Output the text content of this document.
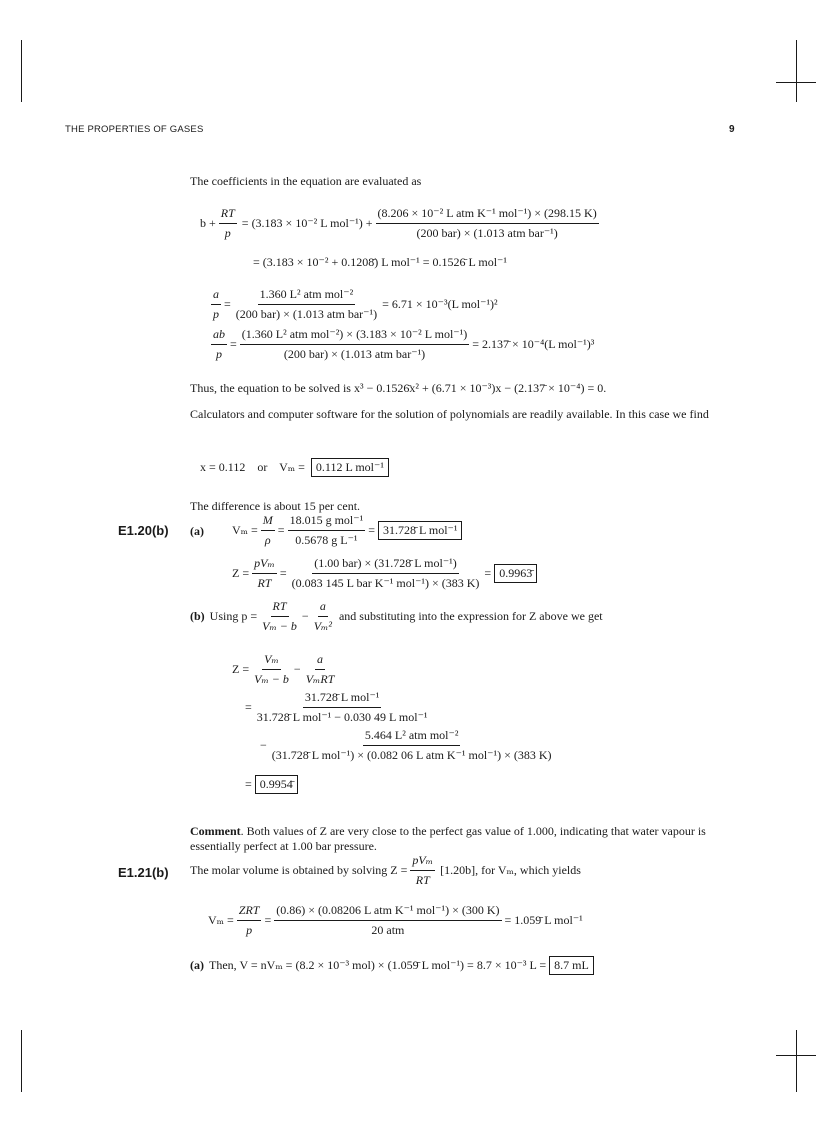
THE PROPERTIES OF GASES	9
The coefficients in the equation are evaluated as
$b + \frac{RT}{p} = (3.183 \times 10^{-2}$ L $mol^{-1}) + \frac{\text{(8.206 × 10⁻² L atm K⁻¹ mol⁻¹) × (298.15 K)}}{\text{(200 bar) × (1.013 atm bar⁻¹)}}$
= (3.183 × 10⁻² + 0.1208̄) L mol⁻¹ = 0.1526̄ L mol⁻¹
$\frac{a}{p} = \frac{\text{1.360 L² atm mol⁻²}}{\text{(200 bar) × (1.013 atm bar⁻¹)}} = 6.71 \times 10^{-3}(L$ mol⁻¹)²
$\frac{ab}{p} = \frac{\text{(1.360 L² atm mol⁻²) × (3.183 × 10⁻² L mol⁻¹)}}{\text{(200 bar) × (1.013 atm bar⁻¹)}}$ = 2.137̄ × 10⁻⁴(L mol⁻¹)³
Thus, the equation to be solved is x³ − 0.1526̄x² + (6.71 × 10⁻³)x − (2.137̄ × 10⁻⁴) = 0.
Calculators and computer software for the solution of polynomials are readily available. In this case we find
x = 0.112    or    Vₘ = 0.112 L mol⁻¹
The difference is about 15 per cent.
E1.20(b) (a) $V_m = \frac{M}{\rho} = \frac{\text{18.015 g mol⁻¹}}{\text{0.5678 g L⁻¹}}$ = 31.728̄ L mol⁻¹
$Z = \frac{\text{pVₘ}}{RT} = \frac{\text{(1.00 bar) × (31.728̄ L mol⁻¹)}}{\text{(0.083 145 L bar K⁻¹ mol⁻¹) × (383 K)}}$ = 0.9963̄
(b) Using $p = \frac{RT}{\text{Vₘ − b}} - \frac{a}{\text{Vₘ²}}$ and substituting into the expression for Z above we get
$Z = \frac{\text{Vₘ}}{\text{Vₘ − b}} - \frac{a}{\text{VₘRT}}$
= $\frac{\text{31.728̄ L mol⁻¹}}{\text{31.728̄ L mol⁻¹ − 0.030 49 L mol⁻¹}}$
− $\frac{\text{5.464 L² atm mol⁻²}}{\text{(31.728̄ L mol⁻¹) × (0.082 06 L atm K⁻¹ mol⁻¹) × (383 K)}}$
= 0.9954̄
Comment. Both values of Z are very close to the perfect gas value of 1.000, indicating that water vapour is essentially perfect at 1.00 bar pressure.
E1.21(b) The molar volume is obtained by solving $Z = \frac{\text{pVₘ}}{RT} [1.20b]$, for Vₘ, which yields
$V_m = \frac{\text{ZRT}}{p} = \frac{\text{(0.86) × (0.08206 L atm K⁻¹ mol⁻¹) × (300 K)}}{\text{20 atm}}$ = 1.059̄ L mol⁻¹
(a) Then, V = nVₘ = (8.2 × 10⁻³ mol) × (1.059̄ L mol⁻¹) = 8.7 × 10⁻³ L = 8.7 mL
